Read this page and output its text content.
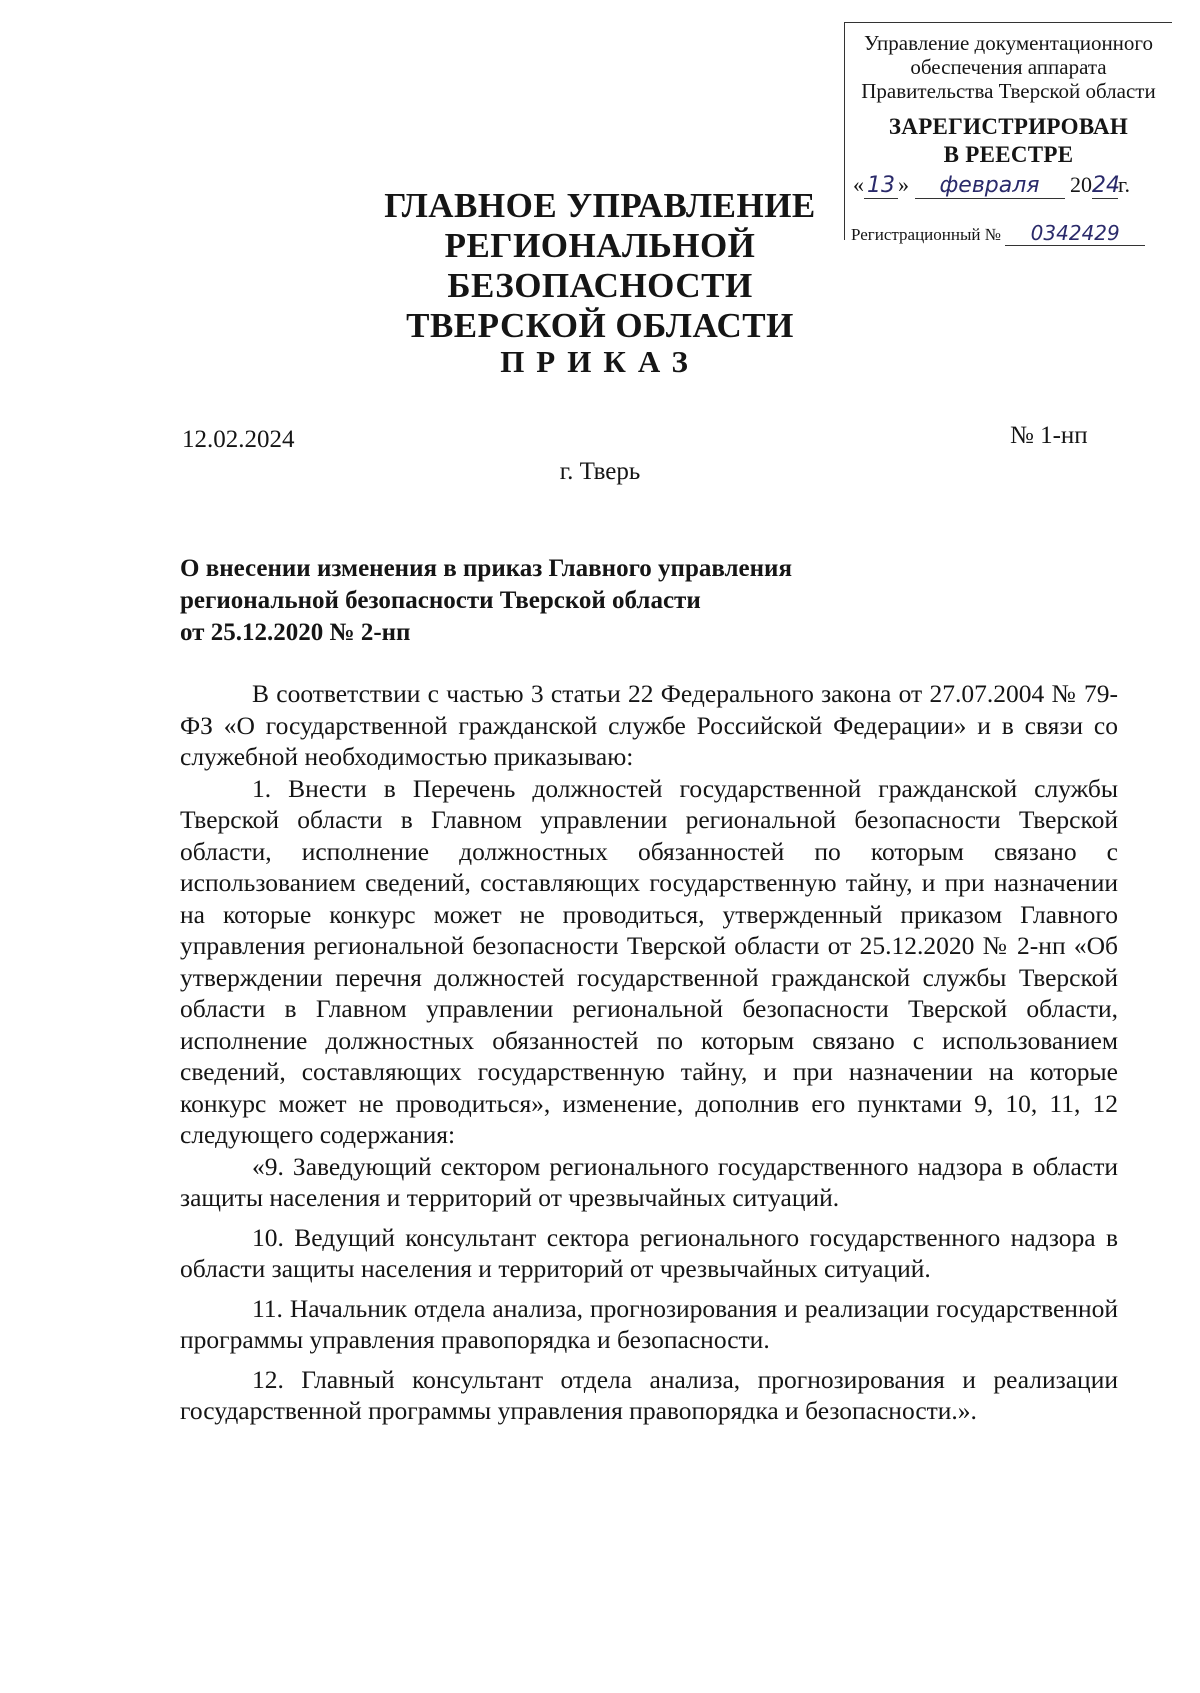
Управление документационного
обеспечения аппарата
Правительства Тверской области
ЗАРЕГИСТРИРОВАН
В РЕЕСТРЕ
« 13 » февраля 2024г.
Регистрационный № 0342429
ГЛАВНОЕ УПРАВЛЕНИЕ
РЕГИОНАЛЬНОЙ БЕЗОПАСНОСТИ
ТВЕРСКОЙ ОБЛАСТИ
ПРИКАЗ
12.02.2024	№ 1-нп
г. Тверь
О внесении изменения в приказ Главного управления
региональной безопасности Тверской области
от 25.12.2020 № 2-нп

В соответствии с частью 3 статьи 22 Федерального закона от 27.07.2004 № 79-ФЗ «О государственной гражданской службе Российской Федерации» и в связи со служебной необходимостью приказываю:

1. Внести в Перечень должностей государственной гражданской службы Тверской области в Главном управлении региональной безопасности Тверской области, исполнение должностных обязанностей по которым связано с использованием сведений, составляющих государственную тайну, и при назначении на которые конкурс может не проводиться, утвержденный приказом Главного управления региональной безопасности Тверской области от 25.12.2020 № 2-нп «Об утверждении перечня должностей государственной гражданской службы Тверской области в Главном управлении региональной безопасности Тверской области, исполнение должностных обязанностей по которым связано с использованием сведений, составляющих государственную тайну, и при назначении на которые конкурс может не проводиться», изменение, дополнив его пунктами 9, 10, 11, 12 следующего содержания:

«9. Заведующий сектором регионального государственного надзора в области защиты населения и территорий от чрезвычайных ситуаций.

10. Ведущий консультант сектора регионального государственного надзора в области защиты населения и территорий от чрезвычайных ситуаций.

11. Начальник отдела анализа, прогнозирования и реализации государственной программы управления правопорядка и безопасности.

12. Главный консультант отдела анализа, прогнозирования и реализации государственной программы управления правопорядка и безопасности.».
